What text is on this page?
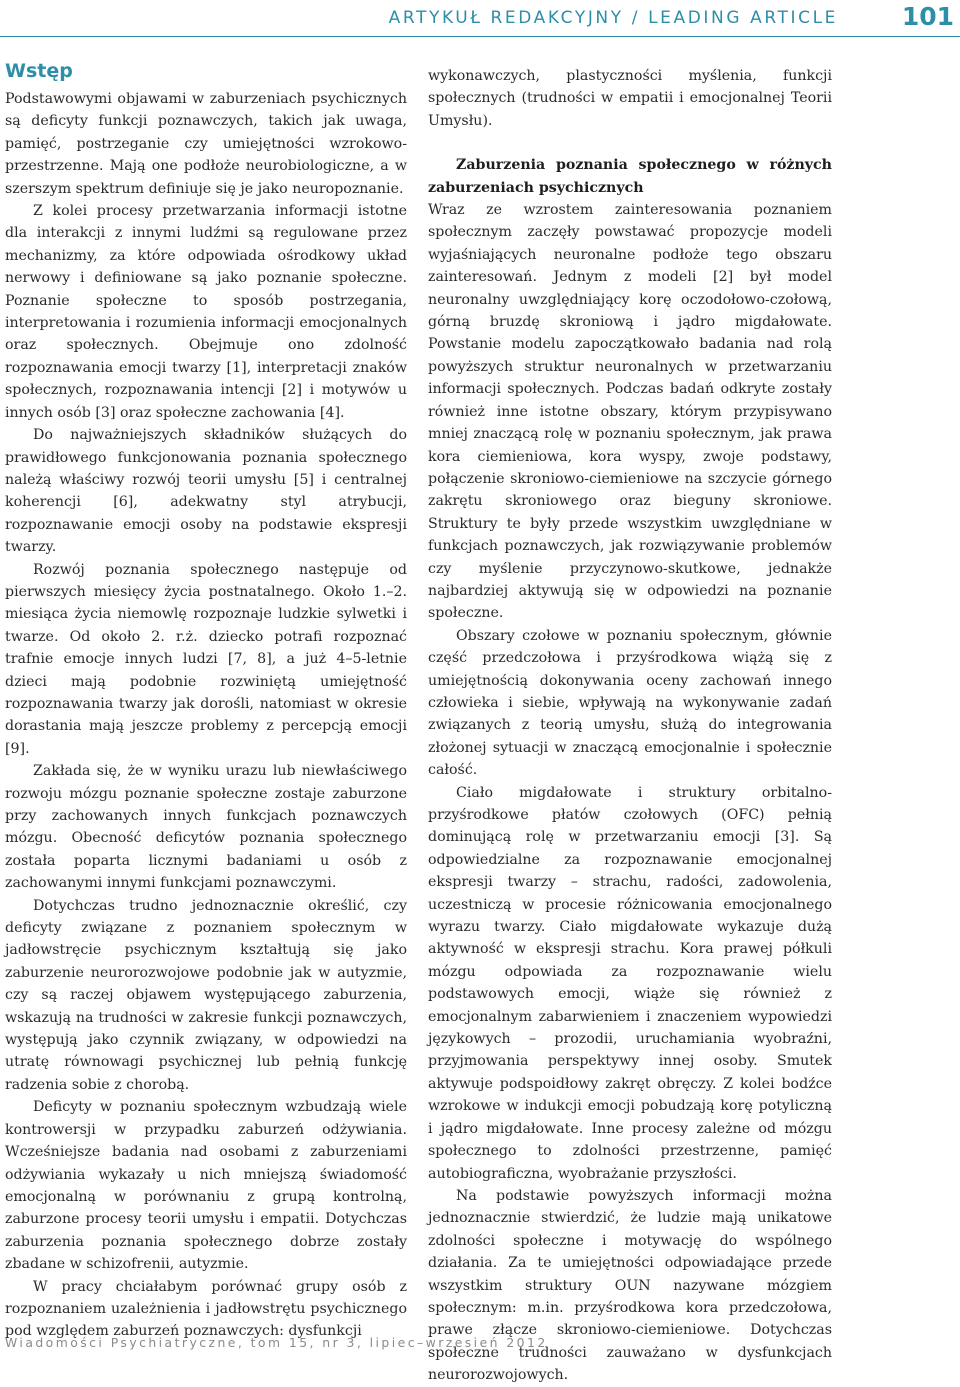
ARTYKUŁ REDAKCYJNY / LEADING ARTICLE	101
Wstęp

Podstawowymi objawami w zaburzeniach psychicznych są deficyty funkcji poznawczych, takich jak uwaga, pamięć, postrzeganie czy umiejętności wzrokowo-przestrzenne. Mają one podłoże neurobiologiczne, a w szerszym spektrum definiuje się je jako neuropoznanie.

Z kolei procesy przetwarzania informacji istotne dla interakcji z innymi ludźmi są regulowane przez mechanizmy, za które odpowiada ośrodkowy układ nerwowy i definiowane są jako poznanie społeczne. Poznanie społeczne to sposób postrzegania, interpretowania i rozumienia informacji emocjonalnych oraz społecznych. Obejmuje ono zdolność rozpoznawania emocji twarzy [1], interpretacji znaków społecznych, rozpoznawania intencji [2] i motywów u innych osób [3] oraz społeczne zachowania [4].

Do najważniejszych składników służących do prawidłowego funkcjonowania poznania społecznego należą właściwy rozwój teorii umysłu [5] i centralnej koherencji [6], adekwatny styl atrybucji, rozpoznawanie emocji osoby na podstawie ekspresji twarzy.

Rozwój poznania społecznego następuje od pierwszych miesięcy życia postnatalnego. Około 1.–2. miesiąca życia niemowlę rozpoznaje ludzkie sylwetki i twarze. Od około 2. r.ż. dziecko potrafi rozpoznać trafnie emocje innych ludzi [7, 8], a już 4–5-letnie dzieci mają podobnie rozwiniętą umiejętność rozpoznawania twarzy jak dorośli, natomiast w okresie dorastania mają jeszcze problemy z percepcją emocji [9].

Zakłada się, że w wyniku urazu lub niewłaściwego rozwoju mózgu poznanie społeczne zostaje zaburzone przy zachowanych innych funkcjach poznawczych mózgu. Obecność deficytów poznania społecznego została poparta licznymi badaniami u osób z zachowanymi innymi funkcjami poznawczymi.

Dotychczas trudno jednoznacznie określić, czy deficyty związane z poznaniem społecznym w jadłowstręcie psychicznym kształtują się jako zaburzenie neurorozwojowe podobnie jak w autyzmie, czy są raczej objawem występującego zaburzenia, wskazują na trudności w zakresie funkcji poznawczych, występują jako czynnik związany, w odpowiedzi na utratę równowagi psychicznej lub pełnią funkcję radzenia sobie z chorobą.

Deficyty w poznaniu społecznym wzbudzają wiele kontrowersji w przypadku zaburzeń odżywiania. Wcześniejsze badania nad osobami z zaburzeniami odżywiania wykazały u nich mniejszą świadomość emocjonalną w porównaniu z grupą kontrolną, zaburzone procesy teorii umysłu i empatii. Dotychczas zaburzenia poznania społecznego dobrze zostały zbadane w schizofrenii, autyzmie.

W pracy chciałabym porównać grupy osób z rozpoznaniem uzależnienia i jadłowstrętu psychicznego pod względem zaburzeń poznawczych: dysfunkcji

wykonawczych, plastyczności myślenia, funkcji społecznych (trudności w empatii i emocjonalnej Teorii Umysłu).

Zaburzenia poznania społecznego w różnych zaburzeniach psychicznych

Wraz ze wzrostem zainteresowania poznaniem społecznym zaczęły powstawać propozycje modeli wyjaśniających neuronalne podłoże tego obszaru zainteresowań. Jednym z modeli [2] był model neuronalny uwzględniający korę oczodołowo-czołową, górną bruzdę skroniową i jądro migdałowate. Powstanie modelu zapoczątkowało badania nad rolą powyższych struktur neuronalnych w przetwarzaniu informacji społecznych. Podczas badań odkryte zostały również inne istotne obszary, którym przypisywano mniej znaczącą rolę w poznaniu społecznym, jak prawa kora ciemieniowa, kora wyspy, zwoje podstawy, połączenie skroniowo-ciemieniowe na szczycie górnego zakrętu skroniowego oraz bieguny skroniowe. Struktury te były przede wszystkim uwzględniane w funkcjach poznawczych, jak rozwiązywanie problemów czy myślenie przyczynowo-skutkowe, jednakże najbardziej aktywują się w odpowiedzi na poznanie społeczne.

Obszary czołowe w poznaniu społecznym, głównie część przedczołowa i przyśrodkowa wiążą się z umiejętnością dokonywania oceny zachowań innego człowieka i siebie, wpływają na wykonywanie zadań związanych z teorią umysłu, służą do integrowania złożonej sytuacji w znaczącą emocjonalnie i społecznie całość.

Ciało migdałowate i struktury orbitalno-przyśrodkowe płatów czołowych (OFC) pełnią dominującą rolę w przetwarzaniu emocji [3]. Są odpowiedzialne za rozpoznawanie emocjonalnej ekspresji twarzy – strachu, radości, zadowolenia, uczestniczą w procesie różnicowania emocjonalnego wyrazu twarzy. Ciało migdałowate wykazuje dużą aktywność w ekspresji strachu. Kora prawej półkuli mózgu odpowiada za rozpoznawanie wielu podstawowych emocji, wiąże się również z emocjonalnym zabarwieniem i znaczeniem wypowiedzi językowych – prozodii, uruchamiania wyobraźni, przyjmowania perspektywy innej osoby. Smutek aktywuje podspoidłowy zakręt obręczy. Z kolei bodźce wzrokowe w indukcji emocji pobudzają korę potyliczną i jądro migdałowate. Inne procesy zależne od mózgu społecznego to zdolności przestrzenne, pamięć autobiograficzna, wyobrażanie przyszłości.

Na podstawie powyższych informacji można jednoznacznie stwierdzić, że ludzie mają unikatowe zdolności społeczne i motywację do wspólnego działania. Za te umiejętności odpowiadające przede wszystkim struktury OUN nazywane mózgiem społecznym: m.in. przyśrodkowa kora przedczołowa, prawe złącze skroniowo-ciemieniowe. Dotychczas społeczne trudności zauważano w dysfunkcjach neurorozwojowych.

Wiadomości Psychiatryczne, tom 15, nr 3, lipiec–wrzesień 2012
